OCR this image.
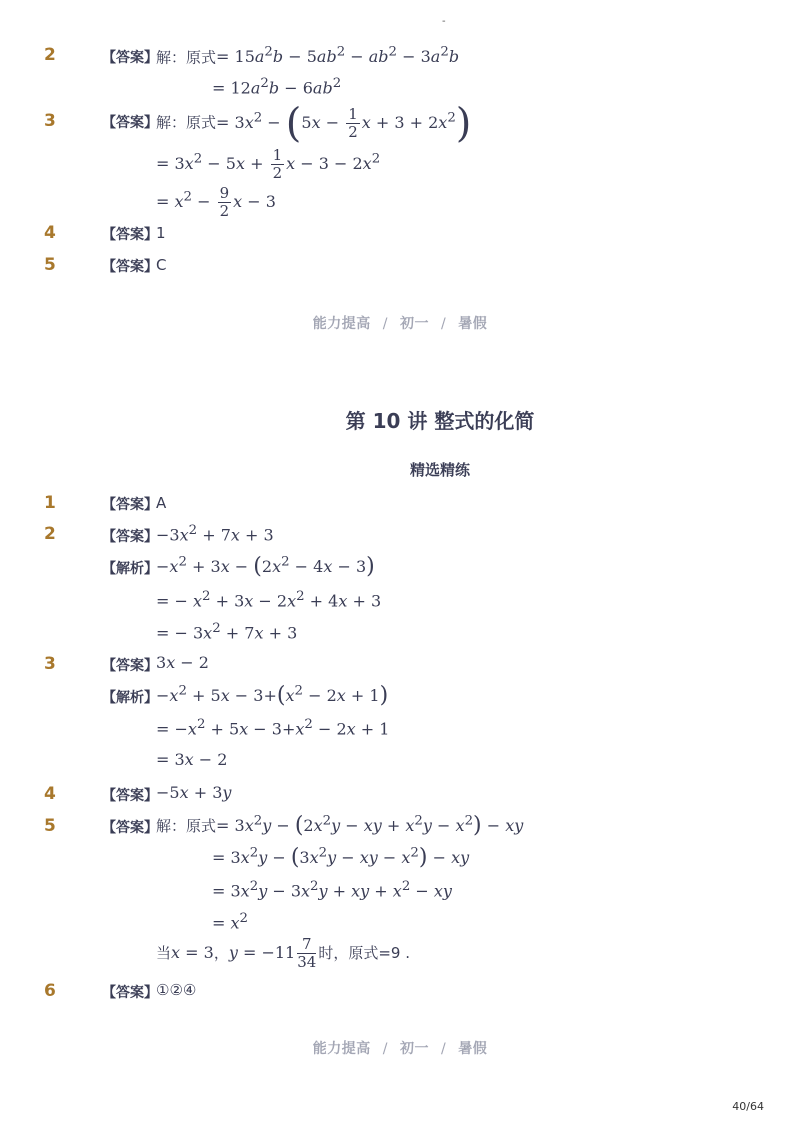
-
2	【答案】
解：原式= $15a^2b - 5ab^2 - ab^2 - 3a^2b$
= $12a^2b - 6ab^2$
3	【答案】
解：原式= $3x^2 - (5x - \frac{1}{2}$ $x + 3 + 2x^2$)
= $3x^2 - 5x + \frac{1}{2}$ $x - 3 - 2x^2$
= $x^2 - \frac{9}{2}$ x − 3
4	【答案】
1
5	【答案】
C
能力提高 / 初一 / 暑假
第 10 讲 整式的化简
精选精练
1	【答案】
A
2	【答案】
$-3x^2 + 7x + 3$
【解析】
$-x^2 + 3x - (2x^2 - 4x - 3)$
= − $x^2 + 3x - 2x^2 + 4x + 3$
= − $3x^2 + 7x + 3$
3	【答案】
3x − 2
【解析】
$-x^2 + 5x - 3+(x^2 - 2x + 1)$
= $-x^2 + 5x - 3+x^2 - 2x + 1$
= 3x − 2
4	【答案】
−5x + 3y
5	【答案】
解：原式= $3x^2y - (2x^2y$ − xy + $x^2y - x^2$) − xy
= $3x^2y - (3x^2y$ − xy − $x^2$) − xy
= $3x^2y - 3x^2y$ + xy + $x^2$ − xy
= $x^2$
当x = 3，$y = -11 \frac{7}{34}$ 时，原式=9 .
6	【答案】
①②④
能力提高 / 初一 / 暑假
40/64
